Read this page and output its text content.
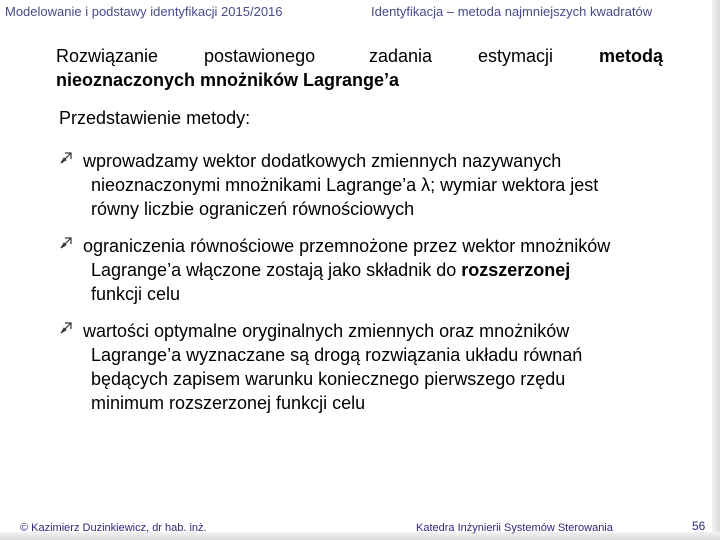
Modelowanie i podstawy identyfikacji 2015/2016	Identyfikacja – metoda najmniejszych kwadratów
Rozwiązanie	postawionego	zadania	estymacji	metodą
nieoznaczonych mnożników Lagrange’a
Przedstawienie metody:
wprowadzamy wektor dodatkowych zmiennych nazywanych
nieoznaczonymi mnożnikami Lagrange’a λ; wymiar wektora jest
równy liczbie ograniczeń równościowych
ograniczenia równościowe przemnożone przez wektor mnożników
Lagrange’a włączone zostają jako składnik do rozszerzonej
funkcji celu
wartości optymalne oryginalnych zmiennych oraz mnożników
Lagrange’a wyznaczane są drogą rozwiązania układu równań
będących zapisem warunku koniecznego pierwszego rzędu
minimum rozszerzonej funkcji celu
© Kazimierz Duzinkiewicz, dr hab. inż.	Katedra Inżynierii Systemów Sterowania	56
